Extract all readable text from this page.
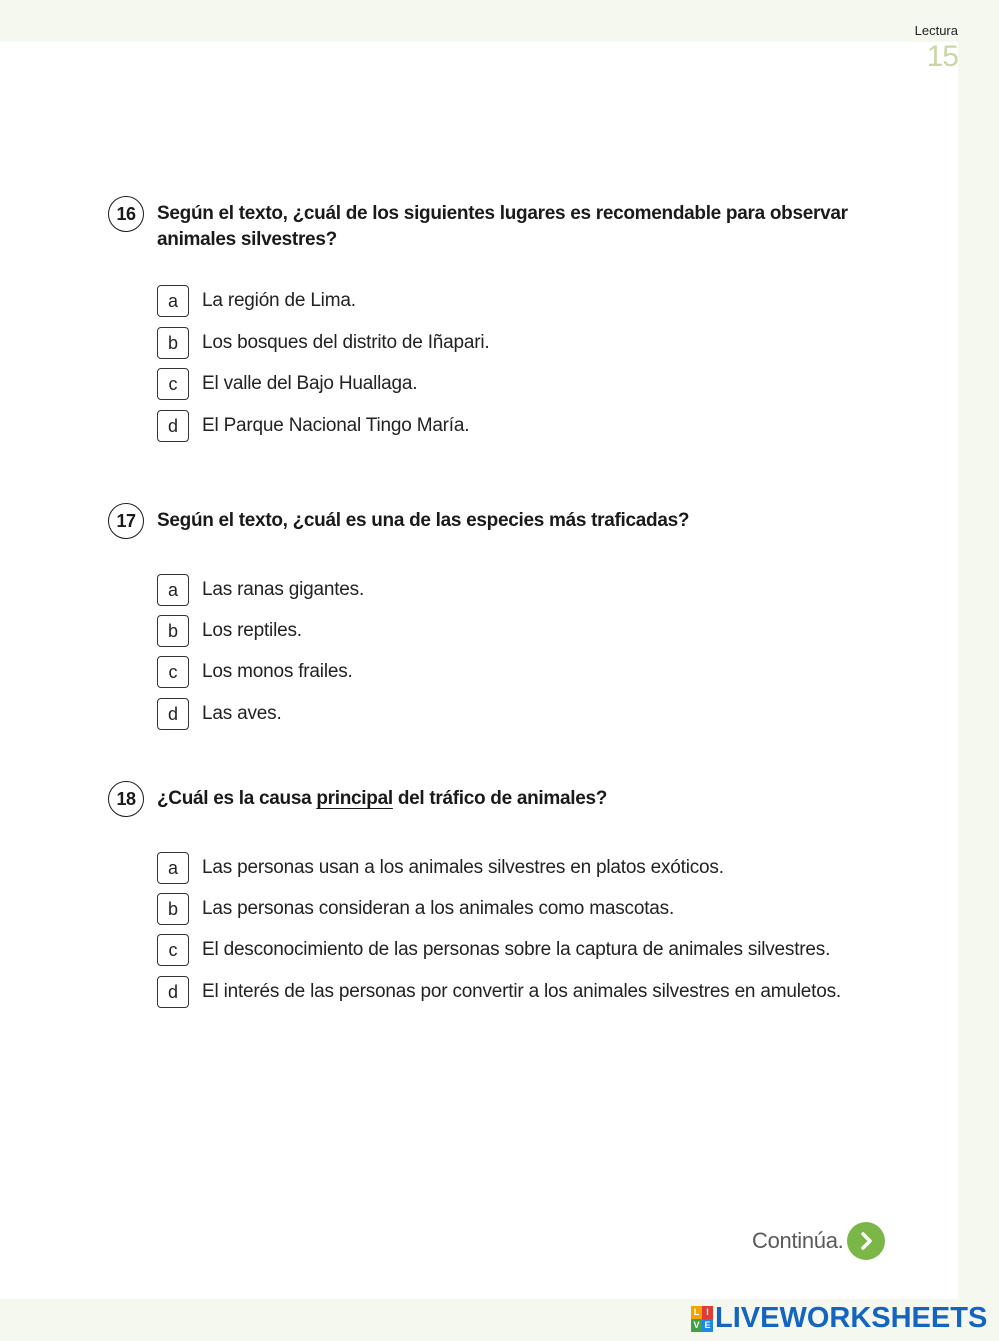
Lectura
15
16	Según el texto, ¿cuál de los siguientes lugares es recomendable para observar animales silvestres?
a	La región de Lima.
b	Los bosques del distrito de Iñapari.
c	El valle del Bajo Huallaga.
d	El Parque Nacional Tingo María.
17	Según el texto, ¿cuál es una de las especies más traficadas?
a	Las ranas gigantes.
b	Los reptiles.
c	Los monos frailes.
d	Las aves.
18	¿Cuál es la causa principal del tráfico de animales?
a	Las personas usan a los animales silvestres en platos exóticos.
b	Las personas consideran a los animales como mascotas.
c	El desconocimiento de las personas sobre la captura de animales silvestres.
d	El interés de las personas por convertir a los animales silvestres en amuletos.
Continúa.
L I
V E LIVEWORKSHEETS
